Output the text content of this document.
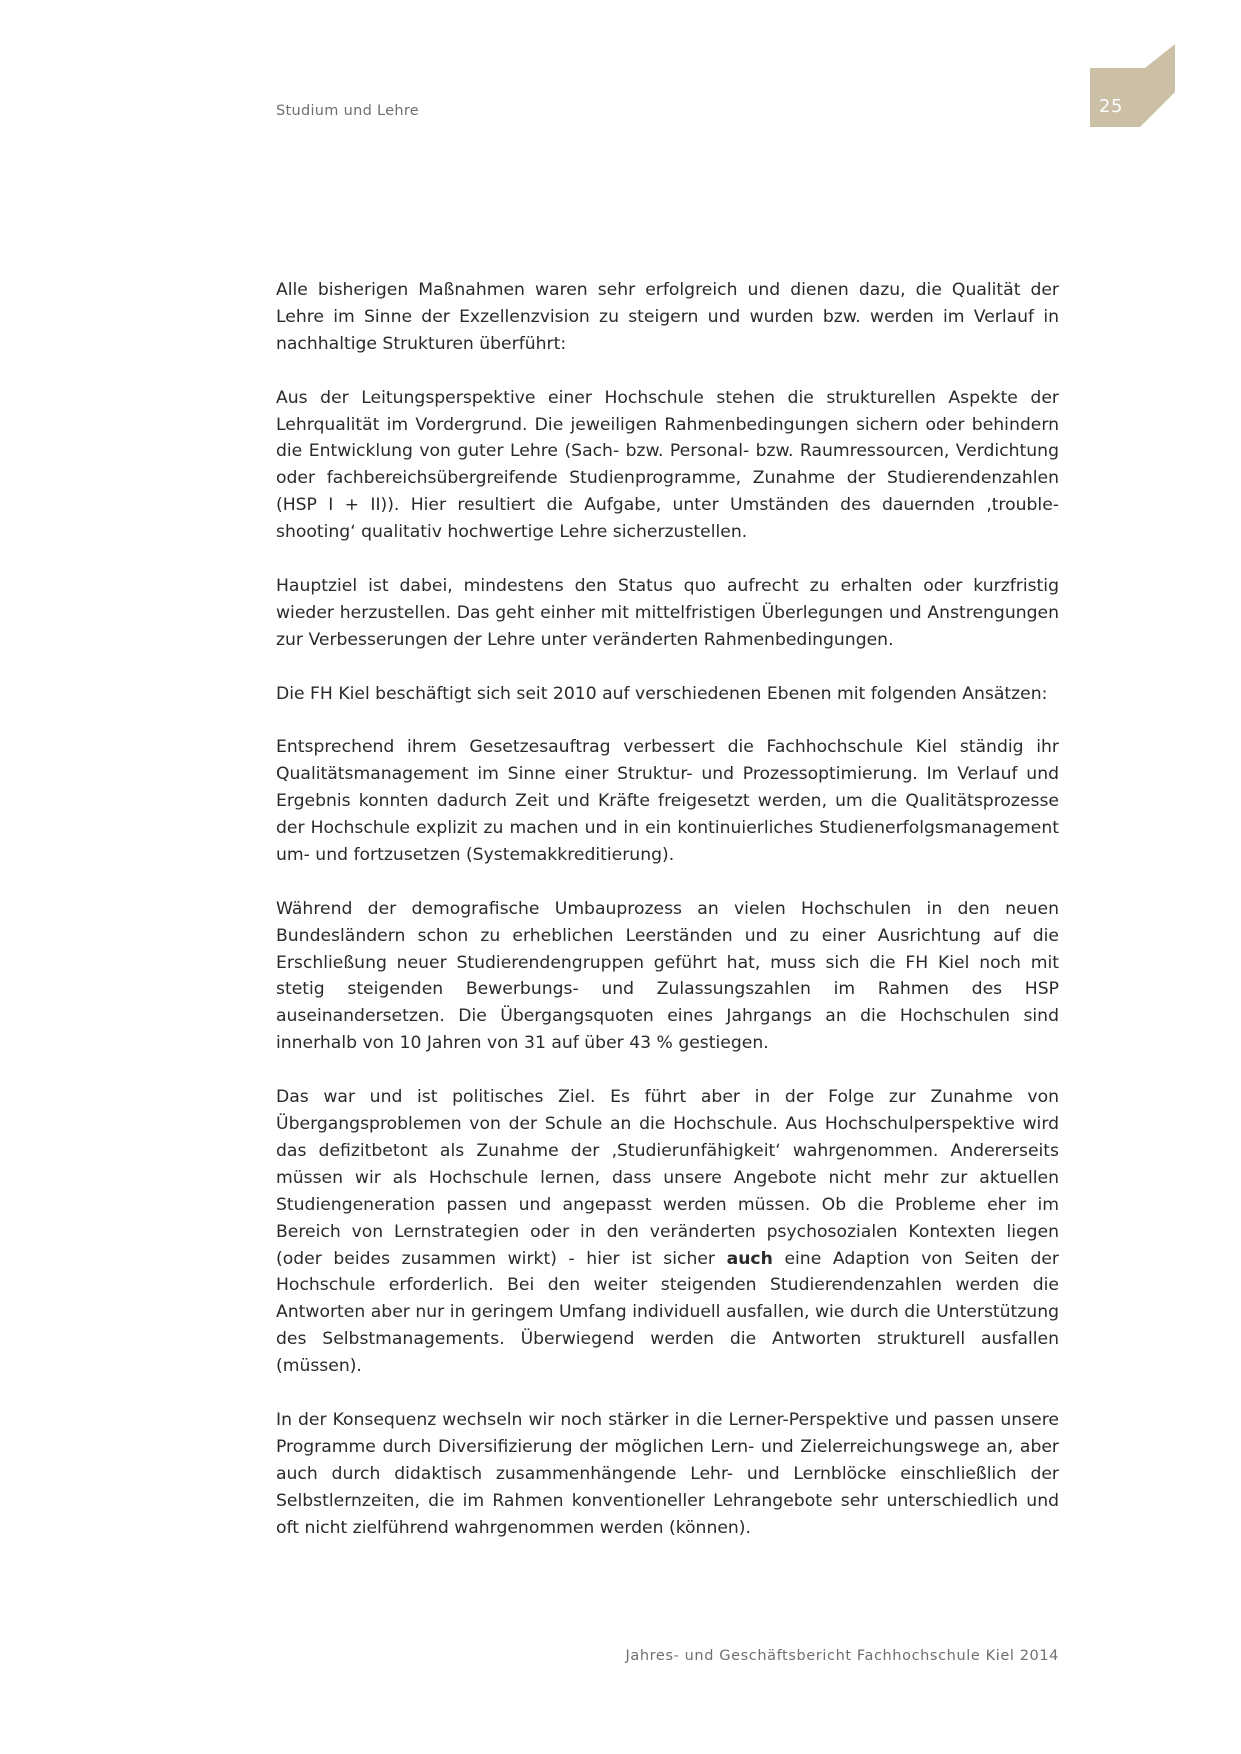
Studium und Lehre	25

Alle bisherigen Maßnahmen waren sehr erfolgreich und dienen dazu, die Qualität der Lehre im Sinne der Exzellenzvision zu steigern und wurden bzw. werden im Verlauf in nachhaltige Strukturen überführt:

Aus der Leitungsperspektive einer Hochschule stehen die strukturellen Aspekte der Lehrqualität im Vordergrund. Die jeweiligen Rahmenbedingungen sichern oder behindern die Entwicklung von guter Lehre (Sach- bzw. Personal- bzw. Raumressourcen, Verdichtung oder fachbereichsübergreifende Studienprogramme, Zunahme der Studierendenzahlen (HSP I + II)). Hier resultiert die Aufgabe, unter Umständen des dauernden ‚trouble-shooting‘ qualitativ hochwertige Lehre sicherzustellen.

Hauptziel ist dabei, mindestens den Status quo aufrecht zu erhalten oder kurzfristig wieder herzustellen. Das geht einher mit mittelfristigen Überlegungen und Anstrengungen zur Verbesserungen der Lehre unter veränderten Rahmenbedingungen.

Die FH Kiel beschäftigt sich seit 2010 auf verschiedenen Ebenen mit folgenden Ansätzen:

Entsprechend ihrem Gesetzesauftrag verbessert die Fachhochschule Kiel ständig ihr Qualitätsmanagement im Sinne einer Struktur- und Prozessoptimierung. Im Verlauf und Ergebnis konnten dadurch Zeit und Kräfte freigesetzt werden, um die Qualitätsprozesse der Hochschule explizit zu machen und in ein kontinuierliches Studienerfolgsmanagement um- und fortzusetzen (Systemakkreditierung).

Während der demografische Umbauprozess an vielen Hochschulen in den neuen Bundesländern schon zu erheblichen Leerständen und zu einer Ausrichtung auf die Erschließung neuer Studierendengruppen geführt hat, muss sich die FH Kiel noch mit stetig steigenden Bewerbungs- und Zulassungszahlen im Rahmen des HSP auseinandersetzen. Die Übergangsquoten eines Jahrgangs an die Hochschulen sind innerhalb von 10 Jahren von 31 auf über 43 % gestiegen.

Das war und ist politisches Ziel. Es führt aber in der Folge zur Zunahme von Übergangsproblemen von der Schule an die Hochschule. Aus Hochschulperspektive wird das defizitbetont als Zunahme der ‚Studierunfähigkeit‘ wahrgenommen. Andererseits müssen wir als Hochschule lernen, dass unsere Angebote nicht mehr zur aktuellen Studiengeneration passen und angepasst werden müssen. Ob die Probleme eher im Bereich von Lernstrategien oder in den veränderten psychosozialen Kontexten liegen (oder beides zusammen wirkt) - hier ist sicher auch eine Adaption von Seiten der Hochschule erforderlich. Bei den weiter steigenden Studierendenzahlen werden die Antworten aber nur in geringem Umfang individuell ausfallen, wie durch die Unterstützung des Selbstmanagements. Überwiegend werden die Antworten strukturell ausfallen (müssen).

In der Konsequenz wechseln wir noch stärker in die Lerner-Perspektive und passen unsere Programme durch Diversifizierung der möglichen Lern- und Zielerreichungswege an, aber auch durch didaktisch zusammenhängende Lehr- und Lernblöcke einschließlich der Selbstlernzeiten, die im Rahmen konventioneller Lehrangebote sehr unterschiedlich und oft nicht zielführend wahrgenommen werden (können).

Jahres- und Geschäftsbericht Fachhochschule Kiel 2014
